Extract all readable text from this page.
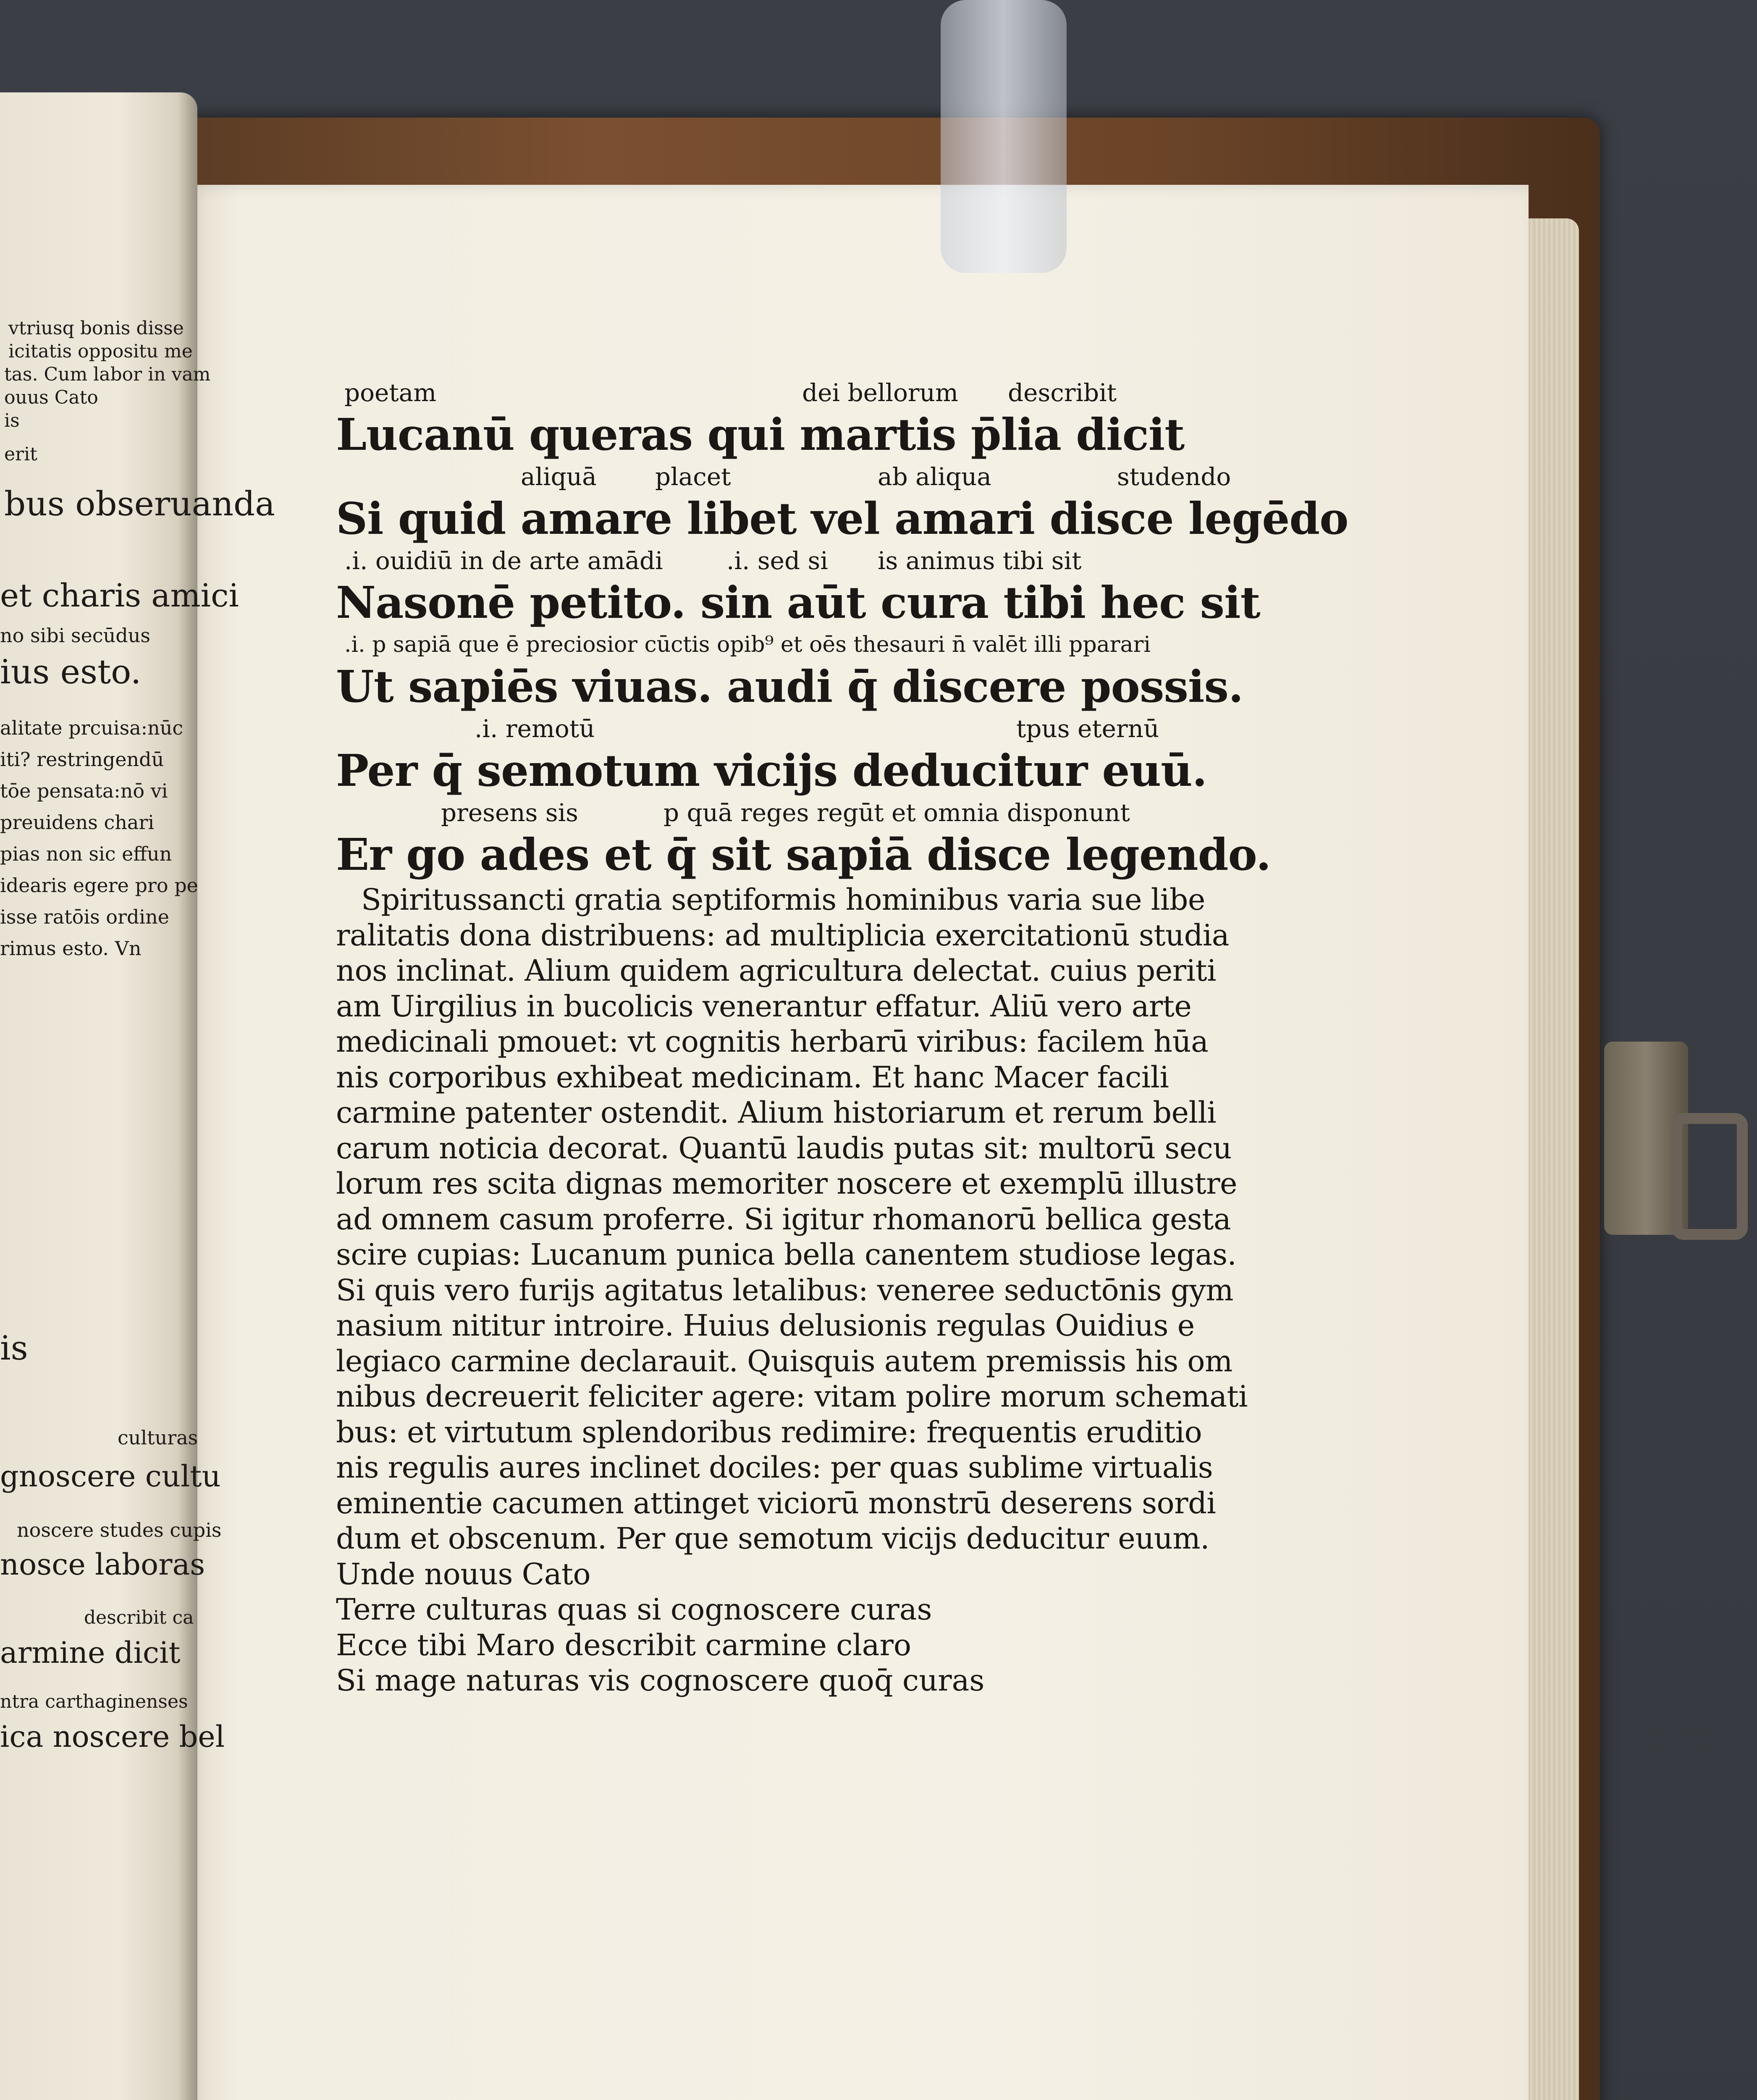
vtriusq bonis disse
icitatis oppositu me
tas. Cum labor in vam
ouus Cato
is
erit
bus obseruanda
et charis amici
no sibi secūdus
ius esto.
alitate prcuisa:nūc
iti? restringendū
tōe pensata:nō vi
preuidens chari
pias non sic effun
idearis egere pro pe
isse ratōis ordine
rimus esto. Vn
is
culturas
gnoscere cultu
noscere studes cupis
nosce laboras
describit ca
armine dicit
ntra carthaginenses
ica noscere bel
poetam	dei bellorum describit
Lucanū queras qui martis p̄lia dicit
aliquā placet	ab aliqua	studendo
Si quid amare libet vel amari disce legēdo
.i. ouidiū in de arte amādi	.i. sed si is animus tibi sit
Nasonē petito. sin aūt cura tibi hec sit
.i. p sapiā que ē preciosior cūctis opib⁹ et oēs thesauri n̄ valēt illi pparari
Ut sapiēs viuas. audi q̄ discere possis.
.i. remotū	tpus eternū
Per q̄ semotum vicijs deducitur euū.
presens sis	p quā reges regūt et omnia disponunt
Er go ades et q̄ sit sapiā disce legendo.
Spiritussancti gratia septiformis hominibus varia sue libe
ralitatis dona distribuens: ad multiplicia exercitationū studia
nos inclinat. Alium quidem agricultura delectat. cuius periti
am Uirgilius in bucolicis venerantur effatur. Aliū vero arte
medicinali pmouet: vt cognitis herbarū viribus: facilem hūa
nis corporibus exhibeat medicinam. Et hanc Macer facili
carmine patenter ostendit. Alium historiarum et rerum belli
carum noticia decorat. Quantū laudis putas sit: multorū secu
lorum res scita dignas memoriter noscere et exemplū illustre
ad omnem casum proferre. Si igitur rhomanorū bellica gesta
scire cupias: Lucanum punica bella canentem studiose legas.
Si quis vero furijs agitatus letalibus: veneree seductōnis gym
nasium nititur introire. Huius delusionis regulas Ouidius e
legiaco carmine declarauit. Quisquis autem premissis his om
nibus decreuerit feliciter agere: vitam polire morum schemati
bus: et virtutum splendoribus redimire: frequentis eruditio
nis regulis aures inclinet dociles: per quas sublime virtualis
eminentie cacumen attinget viciorū monstrū deserens sordi
dum et obscenum. Per que semotum vicijs deducitur euum.
Unde nouus Cato
Terre culturas quas si cognoscere curas
Ecce tibi Maro describit carmine claro
Si mage naturas vis cognoscere quoq̄ curas
